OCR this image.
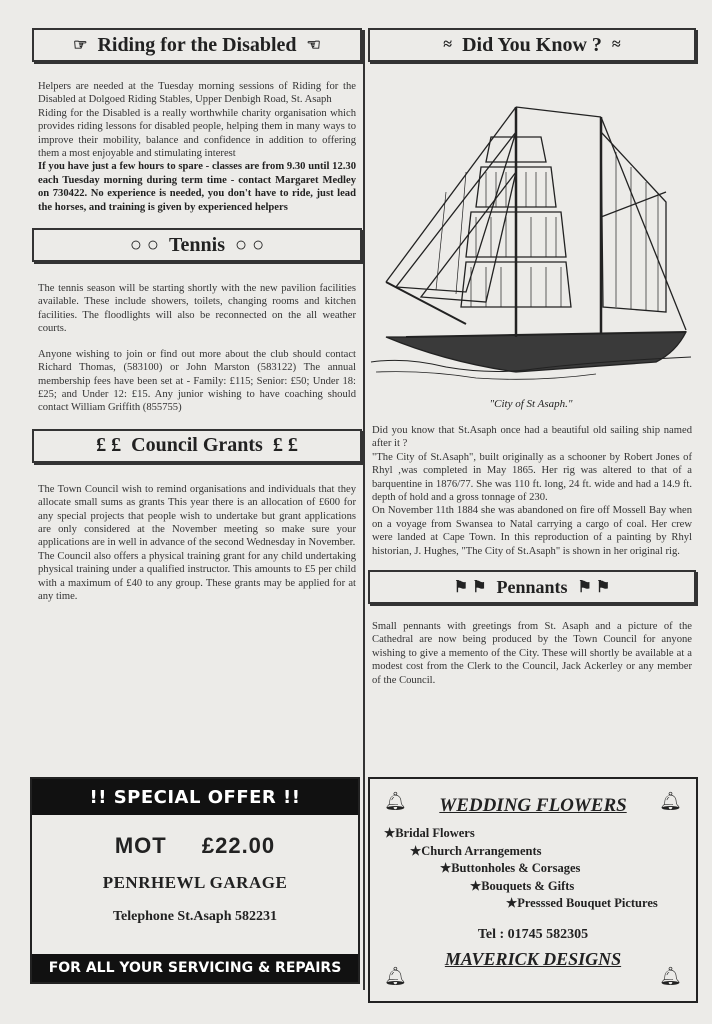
☞ Riding for the Disabled ☜

Helpers are needed at the Tuesday morning sessions of Riding for the Disabled at Dolgoed Riding Stables, Upper Denbigh Road, St. Asaph

Riding for the Disabled is a really worthwhile charity organisation which provides riding lessons for disabled people, helping them in many ways to improve their mobility, balance and confidence in addition to offering them a most enjoyable and stimulating interest

If you have just a few hours to spare - classes are from 9.30 until 12.30 each Tuesday morning during term time - contact Margaret Medley on 730422. No experience is needed, you don't have to ride, just lead the horses, and training is given by experienced helpers

○ ○ Tennis ○ ○

The tennis season will be starting shortly with the new pavilion facilities available. These include showers, toilets, changing rooms and kitchen facilities. The floodlights will also be reconnected on the all weather courts.

Anyone wishing to join or find out more about the club should contact Richard Thomas, (583100) or John Marston (583122) The annual membership fees have been set at - Family: £115; Senior: £50; Under 18: £25; and Under 12: £15. Any junior wishing to have coaching should contact William Griffith (855755)

£ £ Council Grants £ £

The Town Council wish to remind organisations and individuals that they allocate small sums as grants This year there is an allocation of £600 for any special projects that people wish to undertake but grant applications are only considered at the November meeting so make sure your applications are in well in advance of the second Wednesday in November.

The Council also offers a physical training grant for any child undertaking physical training under a qualified instructor. This amounts to £5 per child with a maximum of £40 to any group. These grants may be applied for at any time.

!! SPECIAL OFFER !!
MOT £22.00
PENRHEWL GARAGE
Telephone St.Asaph 582231
FOR ALL YOUR SERVICING & REPAIRS
≈ Did You Know ? ≈
"City of St Asaph."

Did you know that St.Asaph once had a beautiful old sailing ship named after it ?

"The City of St.Asaph", built originally as a schooner by Robert Jones of Rhyl ,was completed in May 1865. Her rig was altered to that of a barquentine in 1876/77. She was 110 ft. long, 24 ft. wide and had a 14.9 ft. depth of hold and a gross tonnage of 230.

On November 11th 1884 she was abandoned on fire off Mossell Bay when on a voyage from Swansea to Natal carrying a cargo of coal. Her crew were landed at Cape Town. In this reproduction of a painting by Rhyl historian, J. Hughes, "The City of St.Asaph" is shown in her original rig.

⚑ ⚑ Pennants ⚑ ⚑

Small pennants with greetings from St. Asaph and a picture of the Cathedral are now being produced by the Town Council for anyone wishing to give a memento of the City. These will shortly be available at a modest cost from the Clerk to the Council, Jack Ackerley or any member of the Council.

🔔︎	🔔︎
WEDDING FLOWERS
★Bridal Flowers
★Church Arrangements
★Buttonholes & Corsages
★Bouquets & Gifts
★Presssed Bouquet Pictures
Tel : 01745 582305
🔔︎	🔔︎
MAVERICK DESIGNS
